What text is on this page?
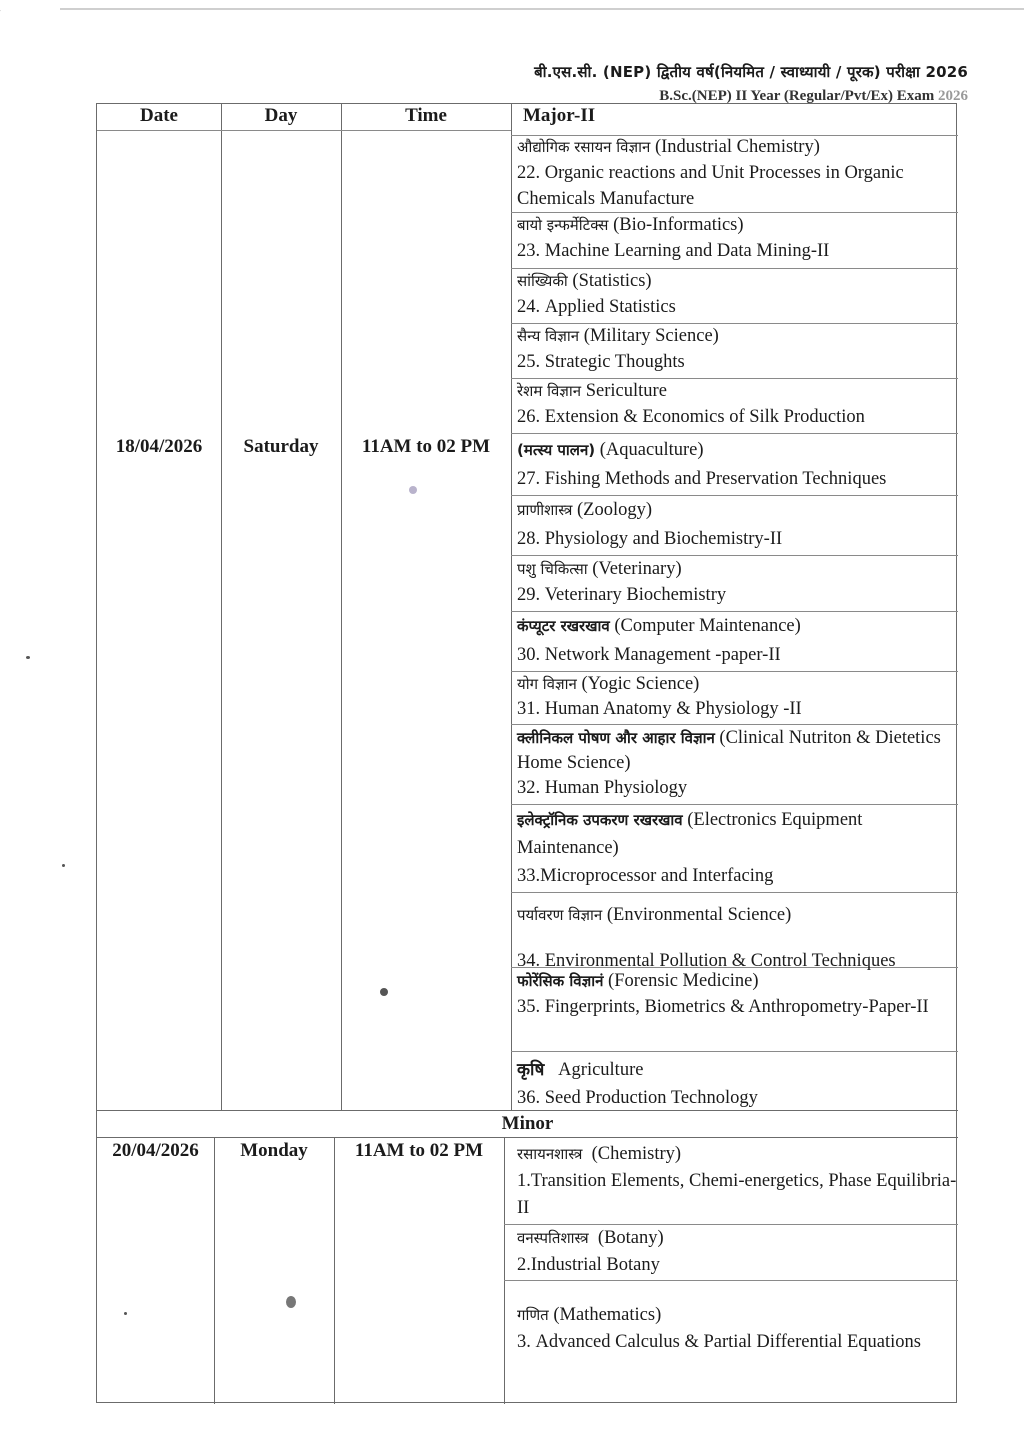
बी.एस.सी. (NEP) द्वितीय वर्ष(नियमित / स्वाध्यायी / पूरक) परीक्षा 2026
B.Sc.(NEP) II Year (Regular/Pvt/Ex) Exam 2026
Date	Day	Time	Major-II
18/04/2026	Saturday	11AM to 02 PM
औद्योगिक रसायन विज्ञान (Industrial Chemistry)
22. Organic reactions and Unit Processes in Organic Chemicals Manufacture
बायो इन्फर्मेटिक्स (Bio-Informatics)
23. Machine Learning and Data Mining-II
सांख्यिकी (Statistics)
24. Applied Statistics
सैन्य विज्ञान (Military Science)
25. Strategic Thoughts
रेशम विज्ञान Sericulture
26. Extension & Economics of Silk Production
(मत्स्य पालन) (Aquaculture)
27. Fishing Methods and Preservation Techniques
प्राणीशास्त्र (Zoology)
28. Physiology and Biochemistry-II
पशु चिकित्सा (Veterinary)
29. Veterinary Biochemistry
कंप्यूटर रखरखाव (Computer Maintenance)
30. Network Management -paper-II
योग विज्ञान (Yogic Science)
31. Human Anatomy & Physiology -II
क्लीनिकल पोषण और आहार विज्ञान (Clinical Nutriton & Dietetics Home Science)
32. Human Physiology
इलेक्ट्रॉनिक उपकरण रखरखाव (Electronics Equipment Maintenance)
33.Microprocessor and Interfacing
पर्यावरण विज्ञान (Environmental Science)
34. Environmental Pollution & Control Techniques
फोरेंसिक विज्ञानं (Forensic Medicine)
35. Fingerprints, Biometrics & Anthropometry-Paper-II
कृषि Agriculture
36. Seed Production Technology
Minor
20/04/2026	Monday	11AM to 02 PM	रसायनशास्त्र (Chemistry)
1.Transition Elements, Chemi-energetics, Phase Equilibria-II
वनस्पतिशास्त्र (Botany)
2.Industrial Botany
गणित (Mathematics)
3. Advanced Calculus & Partial Differential Equations
